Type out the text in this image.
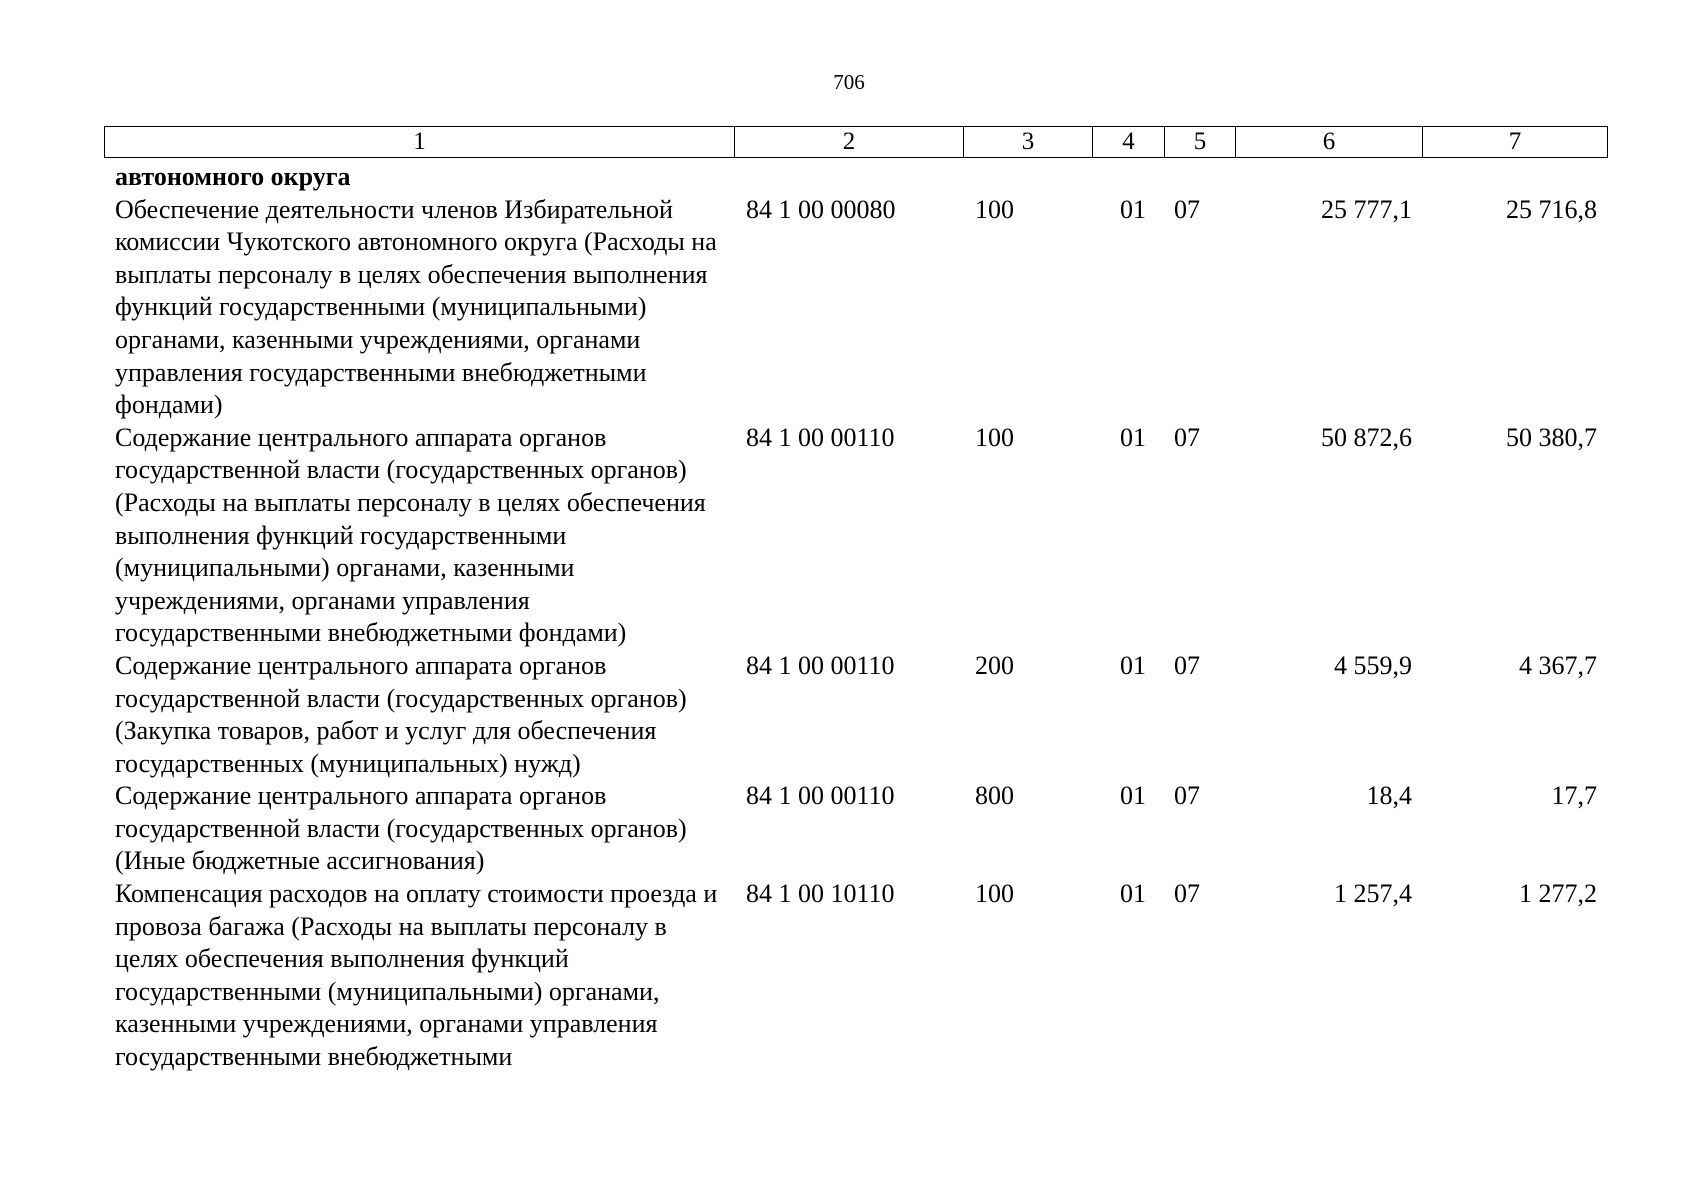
706
1	2	3	4	5	6	7
автономного округа						
Обеспечение деятельности членов Избирательной комиссии Чукотского автономного округа (Расходы на выплаты персоналу в целях обеспечения выполнения функций государственными (муниципальными) органами, казенными учреждениями, органами управления государственными внебюджетными фондами)	84 1 00 00080	100	01	07	25 777,1	25 716,8
Содержание центрального аппарата органов государственной власти (государственных органов) (Расходы на выплаты персоналу в целях обеспечения выполнения функций государственными (муниципальными) органами, казенными учреждениями, органами управления государственными внебюджетными фондами)	84 1 00 00110	100	01	07	50 872,6	50 380,7
Содержание центрального аппарата органов государственной власти (государственных органов) (Закупка товаров, работ и услуг для обеспечения государственных (муниципальных) нужд)	84 1 00 00110	200	01	07	4 559,9	4 367,7
Содержание центрального аппарата органов государственной власти (государственных органов) (Иные бюджетные ассигнования)	84 1 00 00110	800	01	07	18,4	17,7
Компенсация расходов на оплату стоимости проезда и провоза багажа (Расходы на выплаты персоналу в целях обеспечения выполнения функций государственными (муниципальными) органами, казенными учреждениями, органами управления государственными внебюджетными	84 1 00 10110	100	01	07	1 257,4	1 277,2
